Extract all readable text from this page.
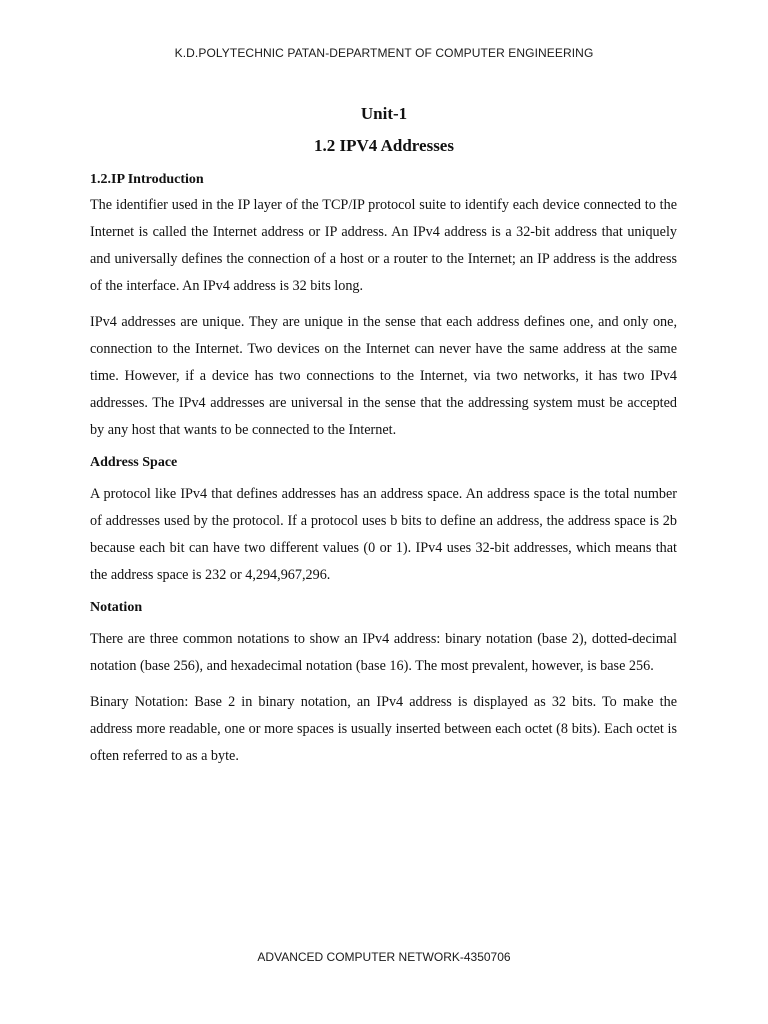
K.D.POLYTECHNIC PATAN-DEPARTMENT OF COMPUTER ENGINEERING
Unit-1
1.2 IPV4 Addresses
1.2.IP Introduction

The identifier used in the IP layer of the TCP/IP protocol suite to identify each device connected to the Internet is called the Internet address or IP address. An IPv4 address is a 32-bit address that uniquely and universally defines the connection of a host or a router to the Internet; an IP address is the address of the interface. An IPv4 address is 32 bits long.

IPv4 addresses are unique. They are unique in the sense that each address defines one, and only one, connection to the Internet. Two devices on the Internet can never have the same address at the same time. However, if a device has two connections to the Internet, via two networks, it has two IPv4 addresses. The IPv4 addresses are universal in the sense that the addressing system must be accepted by any host that wants to be connected to the Internet.

Address Space

A protocol like IPv4 that defines addresses has an address space. An address space is the total number of addresses used by the protocol. If a protocol uses b bits to define an address, the address space is 2b because each bit can have two different values (0 or 1). IPv4 uses 32-bit addresses, which means that the address space is 232 or 4,294,967,296.

Notation

There are three common notations to show an IPv4 address: binary notation (base 2), dotted-decimal notation (base 256), and hexadecimal notation (base 16). The most prevalent, however, is base 256.

Binary Notation: Base 2 in binary notation, an IPv4 address is displayed as 32 bits. To make the address more readable, one or more spaces is usually inserted between each octet (8 bits). Each octet is often referred to as a byte.

ADVANCED COMPUTER NETWORK-4350706
